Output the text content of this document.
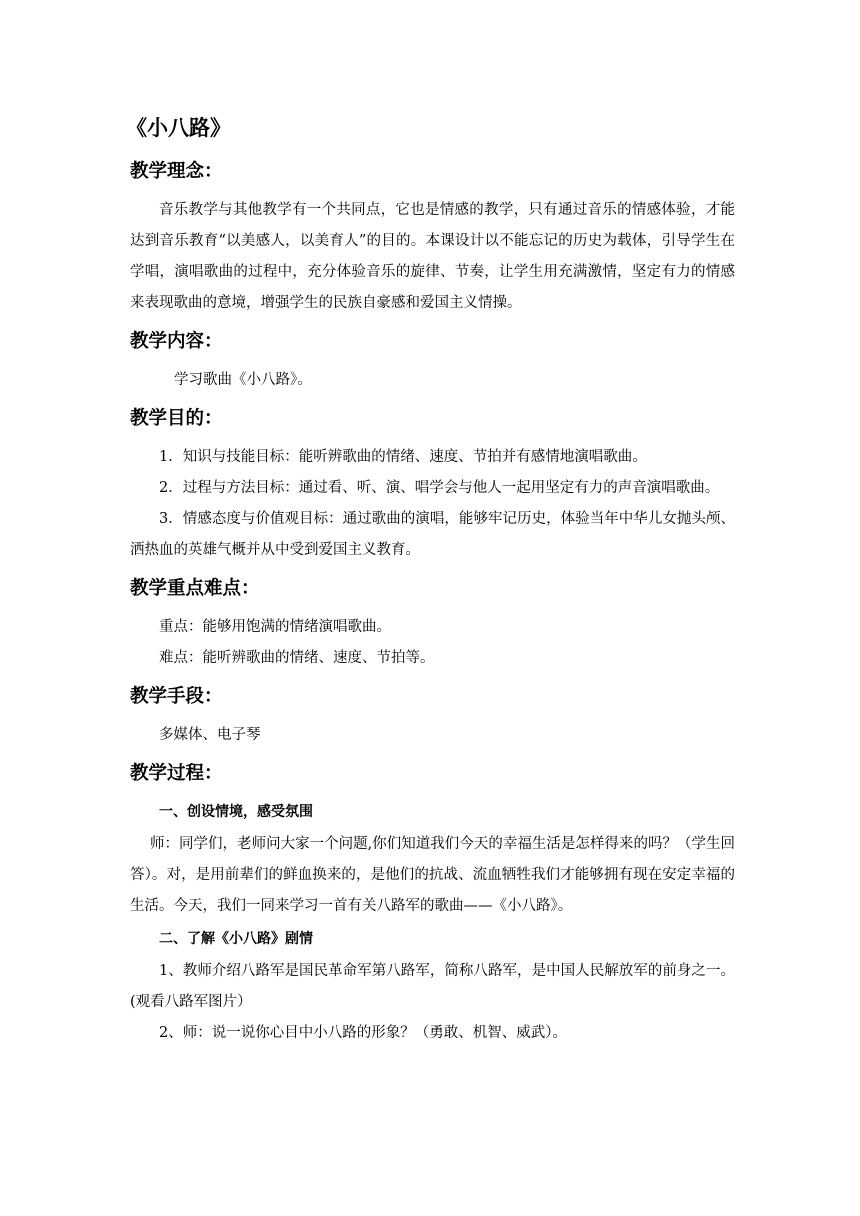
《小八路》
教学理念：

音乐教学与其他教学有一个共同点，它也是情感的教学，只有通过音乐的情感体验，才能达到音乐教育“以美感人，以美育人”的目的。本课设计以不能忘记的历史为载体，引导学生在学唱，演唱歌曲的过程中，充分体验音乐的旋律、节奏，让学生用充满激情，坚定有力的情感来表现歌曲的意境，增强学生的民族自豪感和爱国主义情操。

教学内容：

学习歌曲《小八路》。

教学目的：

1．知识与技能目标：能听辨歌曲的情绪、速度、节拍并有感情地演唱歌曲。

2．过程与方法目标：通过看、听、演、唱学会与他人一起用坚定有力的声音演唱歌曲。

3．情感态度与价值观目标：通过歌曲的演唱，能够牢记历史，体验当年中华儿女抛头颅、洒热血的英雄气概并从中受到爱国主义教育。

教学重点难点：

重点：能够用饱满的情绪演唱歌曲。

难点：能听辨歌曲的情绪、速度、节拍等。

教学手段：

多媒体、电子琴

教学过程：
一、创设情境，感受氛围

师：同学们，老师问大家一个问题,你们知道我们今天的幸福生活是怎样得来的吗？（学生回答）。对，是用前辈们的鲜血换来的，是他们的抗战、流血牺牲我们才能够拥有现在安定幸福的生活。今天，我们一同来学习一首有关八路军的歌曲——《小八路》。

二、了解《小八路》剧情

1、教师介绍八路军是国民革命军第八路军，简称八路军，是中国人民解放军的前身之一。(观看八路军图片）

2、师：说一说你心目中小八路的形象？（勇敢、机智、威武）。
